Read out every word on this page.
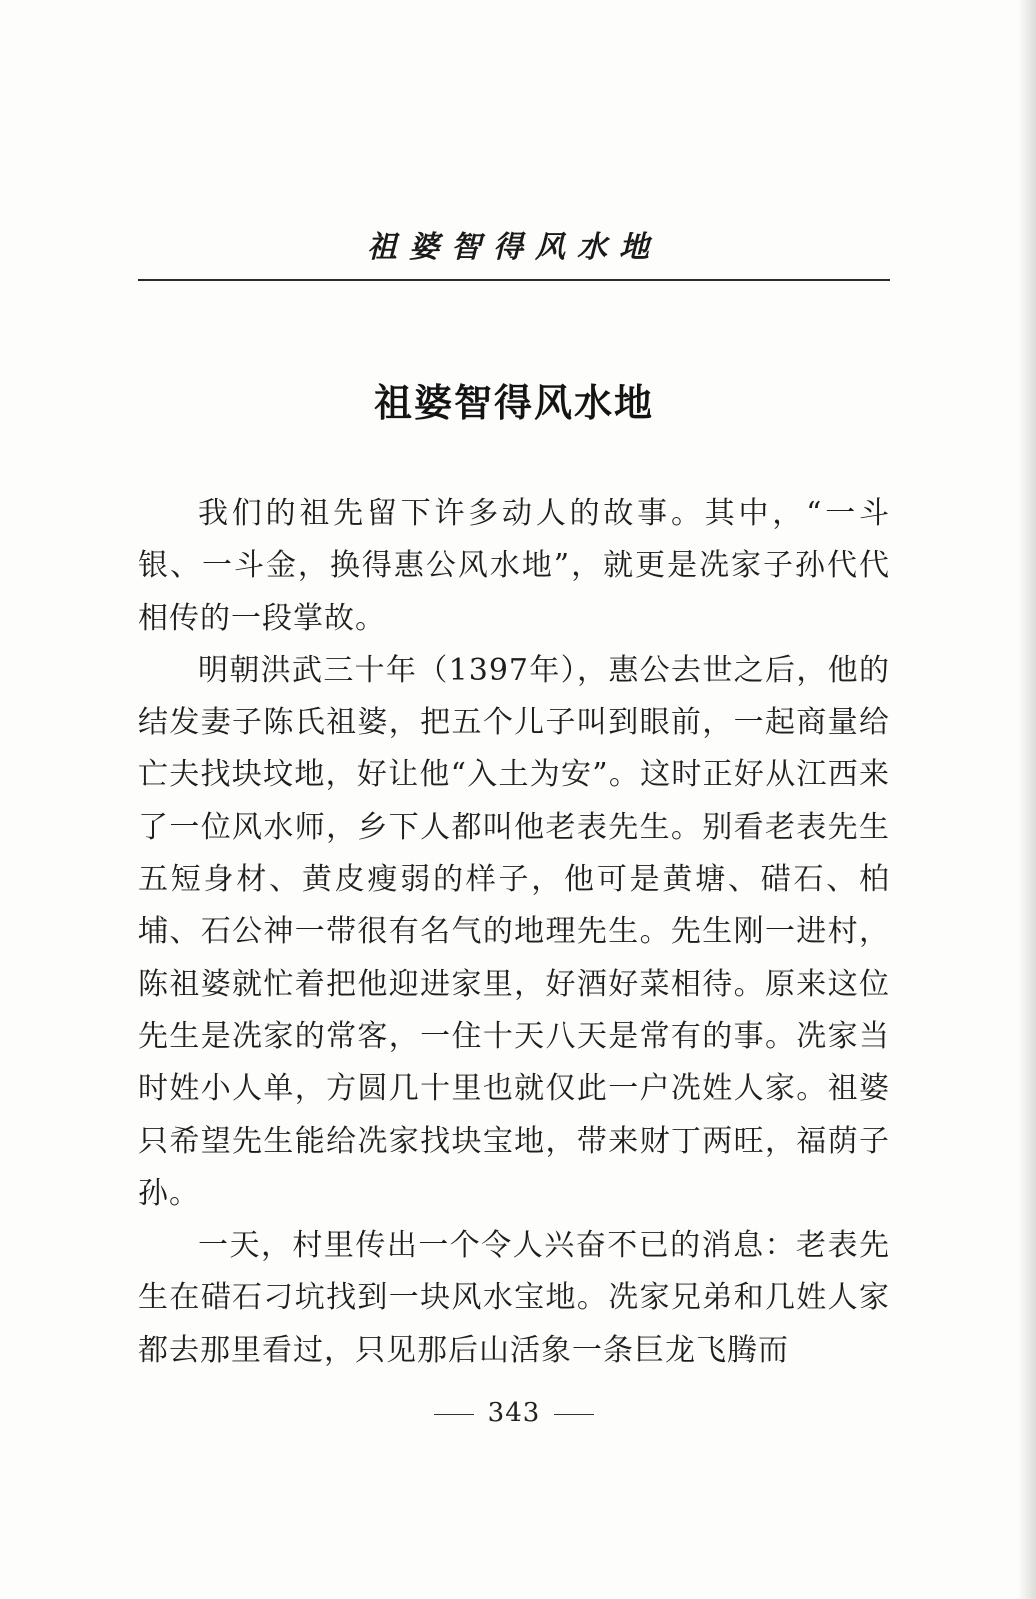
祖婆智得风水地
祖婆智得风水地

我们的祖先留下许多动人的故事。其中，“一斗银、一斗金，换得惠公风水地”，就更是冼家子孙代代相传的一段掌故。

明朝洪武三十年（1397年），惠公去世之后，他的结发妻子陈氏祖婆，把五个儿子叫到眼前，一起商量给亡夫找块坟地，好让他“入土为安”。这时正好从江西来了一位风水师，乡下人都叫他老表先生。别看老表先生五短身材、黄皮瘦弱的样子，他可是黄塘、碏石、柏埔、石公神一带很有名气的地理先生。先生刚一进村，陈祖婆就忙着把他迎进家里，好酒好菜相待。原来这位先生是冼家的常客，一住十天八天是常有的事。冼家当时姓小人单，方圆几十里也就仅此一户冼姓人家。祖婆只希望先生能给冼家找块宝地，带来财丁两旺，福荫子孙。

一天，村里传出一个令人兴奋不已的消息：老表先生在碏石刁坑找到一块风水宝地。冼家兄弟和几姓人家都去那里看过，只见那后山活象一条巨龙飞腾而

343
